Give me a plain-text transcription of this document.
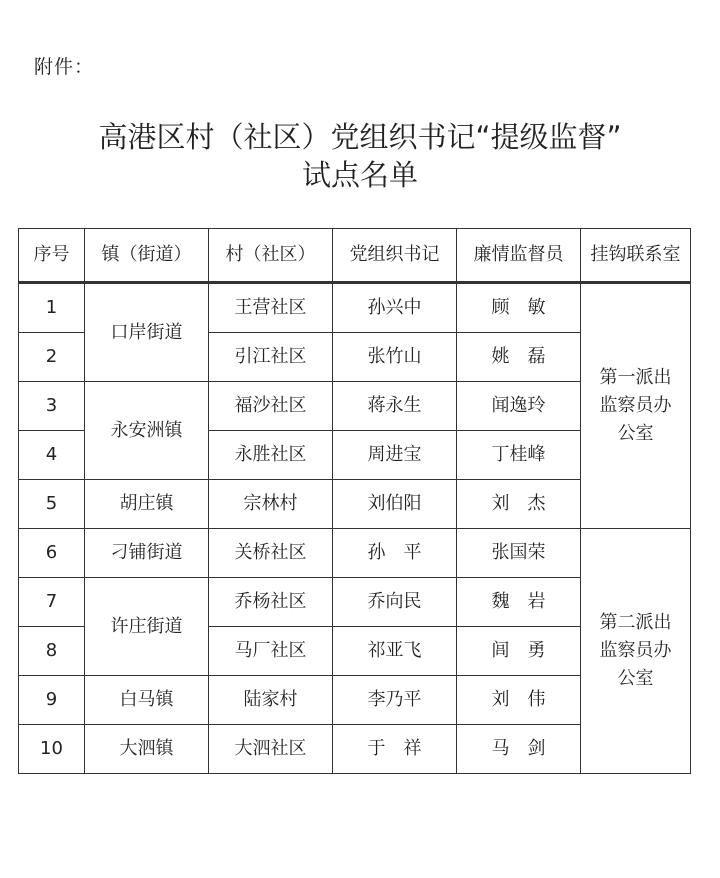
附件：
高港区村（社区）党组织书记“提级监督”
试点名单
序号	镇（街道）	村（社区）	党组织书记	廉情监督员	挂钩联系室
1	口岸街道	王营社区	孙兴中	顾　敏	第一派出
监察员办
公室

2		引江社区	张竹山	姚　磊	
3	永安洲镇	福沙社区	蒋永生	闻逸玲	
4		永胜社区	周进宝	丁桂峰	
5	胡庄镇	宗林村	刘伯阳	刘　杰	
6	刁铺街道	关桥社区	孙　平	张国荣	第二派出
监察员办
公室

7	许庄街道	乔杨社区	乔向民	魏　岩	
8		马厂社区	祁亚飞	闾　勇	
9	白马镇	陆家村	李乃平	刘　伟	
10	大泗镇	大泗社区	于　祥	马　剑	
